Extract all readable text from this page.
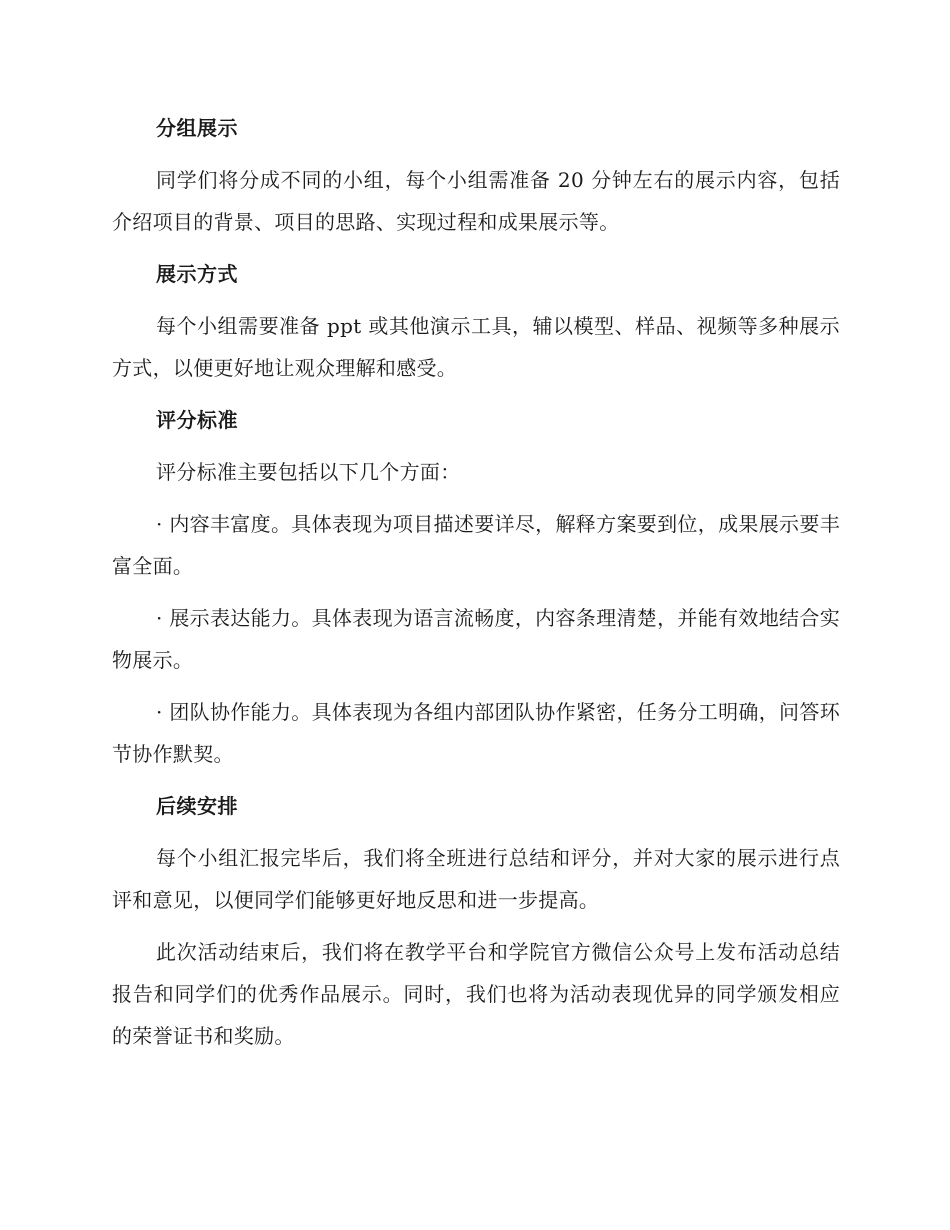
分组展示
同学们将分成不同的小组，每个小组需准备 20 分钟左右的展示内容，包括介绍项目的背景、项目的思路、实现过程和成果展示等。
展示方式
每个小组需要准备 ppt 或其他演示工具，辅以模型、样品、视频等多种展示方式，以便更好地让观众理解和感受。
评分标准
评分标准主要包括以下几个方面：
· 内容丰富度。具体表现为项目描述要详尽，解释方案要到位，成果展示要丰富全面。
· 展示表达能力。具体表现为语言流畅度，内容条理清楚，并能有效地结合实物展示。
· 团队协作能力。具体表现为各组内部团队协作紧密，任务分工明确，问答环节协作默契。
后续安排
每个小组汇报完毕后，我们将全班进行总结和评分，并对大家的展示进行点评和意见，以便同学们能够更好地反思和进一步提高。
此次活动结束后，我们将在教学平台和学院官方微信公众号上发布活动总结报告和同学们的优秀作品展示。同时，我们也将为活动表现优异的同学颁发相应的荣誉证书和奖励。
